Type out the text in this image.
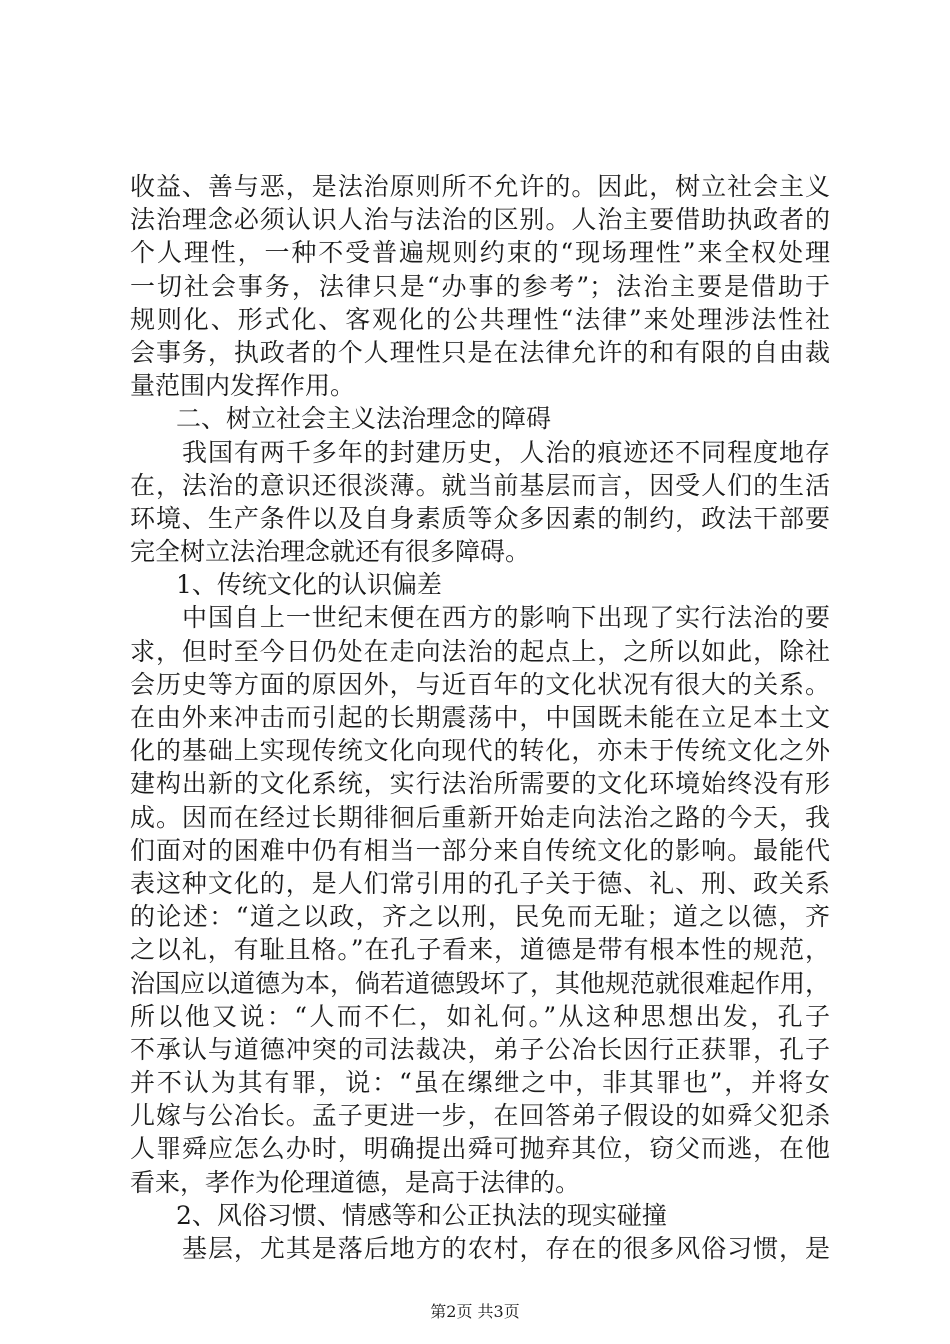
收益、善与恶，是法治原则所不允许的。因此，树立社会主义
法治理念必须认识人治与法治的区别。人治主要借助执政者的
个人理性，一种不受普遍规则约束的“现场理性”来全权处理
一切社会事务，法律只是“办事的参考”；法治主要是借助于
规则化、形式化、客观化的公共理性“法律”来处理涉法性社
会事务，执政者的个人理性只是在法律允许的和有限的自由裁
量范围内发挥作用。
二、树立社会主义法治理念的障碍
我国有两千多年的封建历史，人治的痕迹还不同程度地存
在，法治的意识还很淡薄。就当前基层而言，因受人们的生活
环境、生产条件以及自身素质等众多因素的制约，政法干部要
完全树立法治理念就还有很多障碍。
1、传统文化的认识偏差
中国自上一世纪末便在西方的影响下出现了实行法治的要
求，但时至今日仍处在走向法治的起点上，之所以如此，除社
会历史等方面的原因外，与近百年的文化状况有很大的关系。
在由外来冲击而引起的长期震荡中，中国既未能在立足本土文
化的基础上实现传统文化向现代的转化，亦未于传统文化之外
建构出新的文化系统，实行法治所需要的文化环境始终没有形
成。因而在经过长期徘徊后重新开始走向法治之路的今天，我
们面对的困难中仍有相当一部分来自传统文化的影响。最能代
表这种文化的，是人们常引用的孔子关于德、礼、刑、政关系
的论述：“道之以政，齐之以刑，民免而无耻；道之以德，齐
之以礼，有耻且格。”在孔子看来，道德是带有根本性的规范，
治国应以道德为本，倘若道德毁坏了，其他规范就很难起作用，
所以他又说：“人而不仁，如礼何。”从这种思想出发，孔子
不承认与道德冲突的司法裁决，弟子公冶长因行正获罪，孔子
并不认为其有罪，说：“虽在缧绁之中，非其罪也”，并将女
儿嫁与公冶长。孟子更进一步，在回答弟子假设的如舜父犯杀
人罪舜应怎么办时，明确提出舜可抛弃其位，窃父而逃，在他
看来，孝作为伦理道德，是高于法律的。
2、风俗习惯、情感等和公正执法的现实碰撞
基层，尤其是落后地方的农村，存在的很多风俗习惯，是
第2页 共3页
